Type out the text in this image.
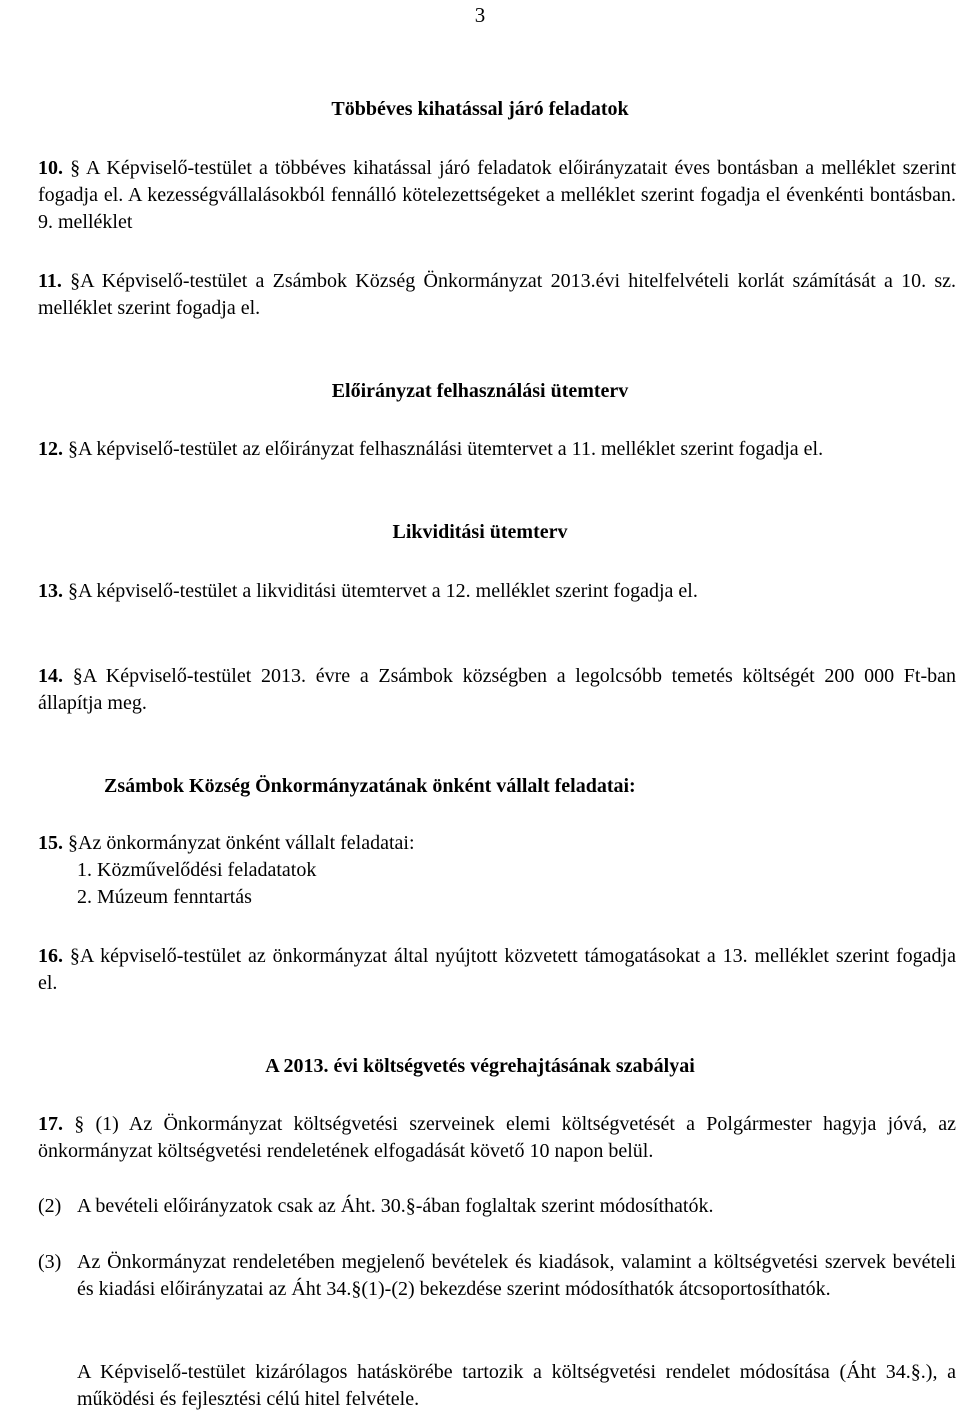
3
Többéves kihatással járó feladatok
10. § A Képviselő-testület a többéves kihatással járó feladatok előirányzatait éves bontásban a melléklet szerint fogadja el. A kezességvállalásokból fennálló kötelezettségeket a melléklet szerint fogadja el évenkénti bontásban. 9. melléklet
11. §A Képviselő-testület a Zsámbok Község Önkormányzat 2013.évi hitelfelvételi korlát számítását a 10. sz. melléklet szerint fogadja el.
Előirányzat felhasználási ütemterv
12. §A képviselő-testület az előirányzat felhasználási ütemtervet a 11. melléklet szerint fogadja el.
Likviditási ütemterv
13. §A képviselő-testület a likviditási ütemtervet a 12. melléklet szerint fogadja el.
14. §A Képviselő-testület 2013. évre a Zsámbok községben a legolcsóbb temetés költségét 200 000 Ft-ban állapítja meg.
Zsámbok Község Önkormányzatának önként vállalt feladatai:
15. §Az önkormányzat önként vállalt feladatai:
1. Közművelődési feladatatok
2. Múzeum fenntartás
16. §A képviselő-testület az önkormányzat által nyújtott közvetett támogatásokat a 13. melléklet szerint fogadja el.
A 2013. évi költségvetés végrehajtásának szabályai
17. § (1) Az Önkormányzat költségvetési szerveinek elemi költségvetését a Polgármester hagyja jóvá, az önkormányzat költségvetési rendeletének elfogadását követő 10 napon belül.
(2) A bevételi előirányzatok csak az Áht. 30.§-ában foglaltak szerint módosíthatók.
(3) Az Önkormányzat rendeletében megjelenő bevételek és kiadások, valamint a költségvetési szervek bevételi és kiadási előirányzatai az Áht 34.§(1)-(2) bekezdése szerint módosíthatók átcsoportosíthatók.
A Képviselő-testület kizárólagos hatáskörébe tartozik a költségvetési rendelet módosítása (Áht 34.§.), a működési és fejlesztési célú hitel felvétele.
